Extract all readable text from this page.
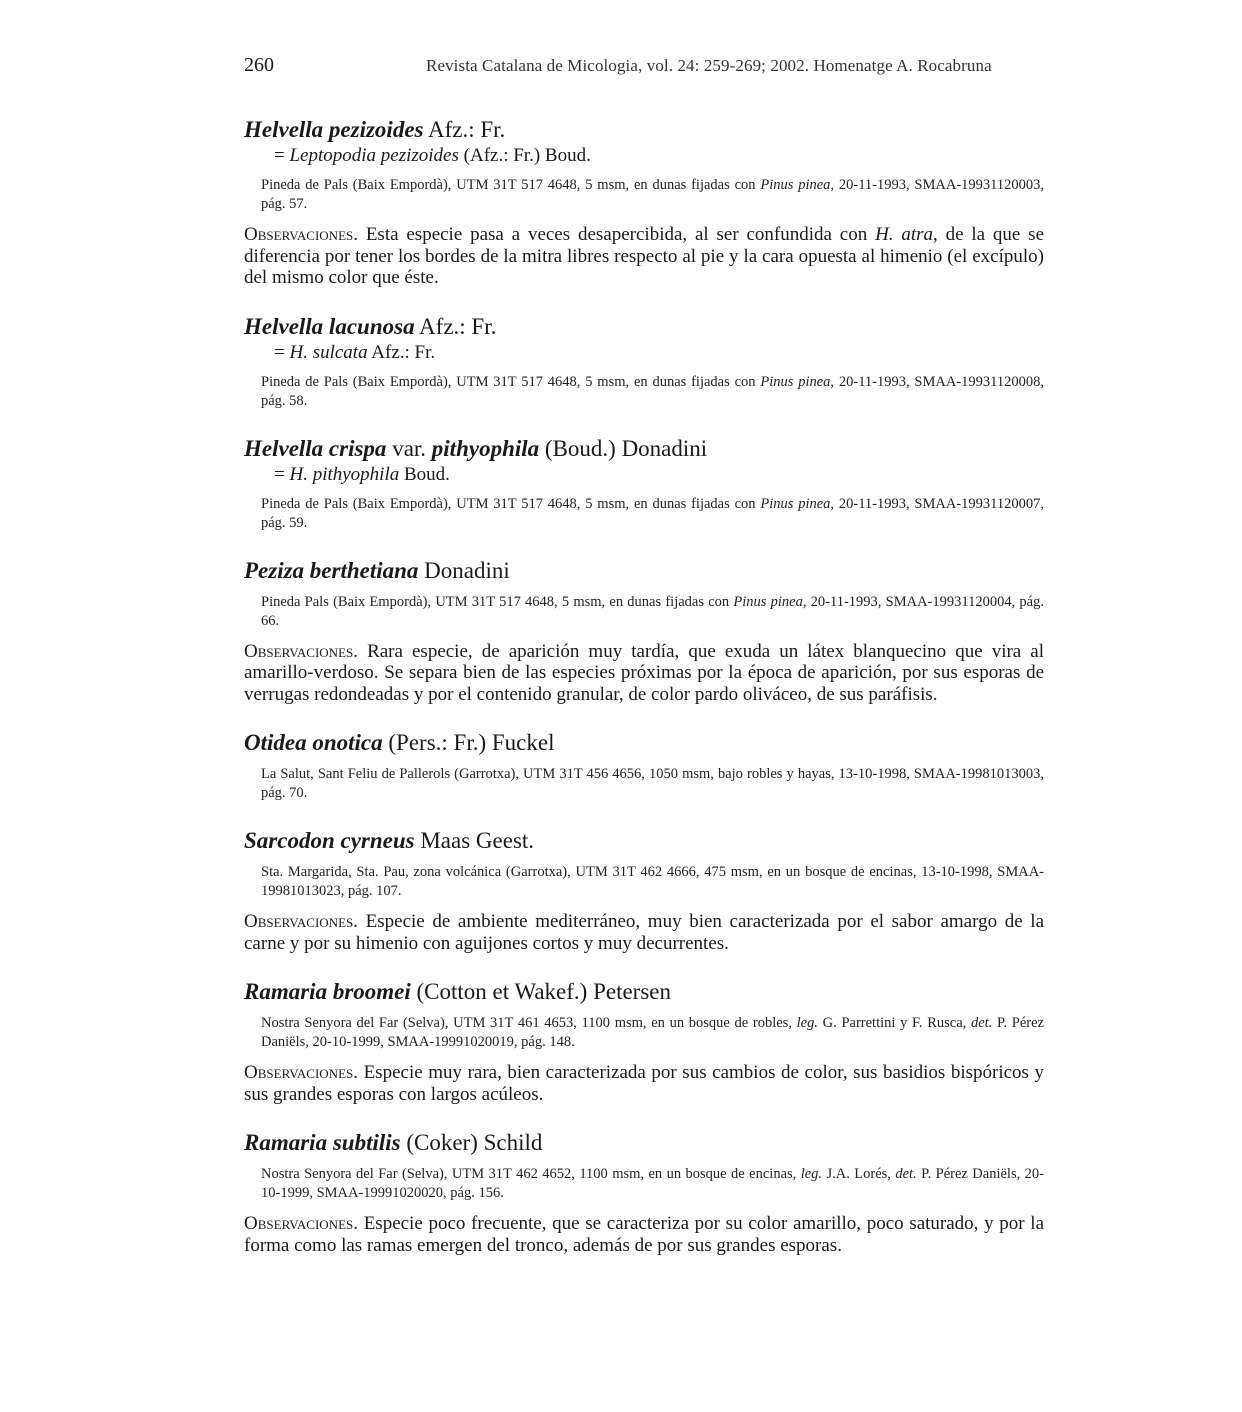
260	Revista Catalana de Micologia, vol. 24: 259-269; 2002. Homenatge A. Rocabruna

Helvella pezizoides Afz.: Fr.

= Leptopodia pezizoides (Afz.: Fr.) Boud.

Pineda de Pals (Baix Empordà), UTM 31T 517 4648, 5 msm, en dunas fijadas con Pinus pinea, 20-11-1993, SMAA-19931120003, pág. 57.

Observaciones. Esta especie pasa a veces desapercibida, al ser confundida con H. atra, de la que se diferencia por tener los bordes de la mitra libres respecto al pie y la cara opuesta al himenio (el excípulo) del mismo color que éste.

Helvella lacunosa Afz.: Fr.

= H. sulcata Afz.: Fr.

Pineda de Pals (Baix Empordà), UTM 31T 517 4648, 5 msm, en dunas fijadas con Pinus pinea, 20-11-1993, SMAA-19931120008, pág. 58.

Helvella crispa var. pithyophila (Boud.) Donadini

= H. pithyophila Boud.

Pineda de Pals (Baix Empordà), UTM 31T 517 4648, 5 msm, en dunas fijadas con Pinus pinea, 20-11-1993, SMAA-19931120007, pág. 59.

Peziza berthetiana Donadini

Pineda Pals (Baix Empordà), UTM 31T 517 4648, 5 msm, en dunas fijadas con Pinus pinea, 20-11-1993, SMAA-19931120004, pág. 66.

Observaciones. Rara especie, de aparición muy tardía, que exuda un látex blanquecino que vira al amarillo-verdoso. Se separa bien de las especies próximas por la época de aparición, por sus esporas de verrugas redondeadas y por el contenido granular, de color pardo oliváceo, de sus paráfisis.

Otidea onotica (Pers.: Fr.) Fuckel

La Salut, Sant Feliu de Pallerols (Garrotxa), UTM 31T 456 4656, 1050 msm, bajo robles y hayas, 13-10-1998, SMAA-19981013003, pág. 70.

Sarcodon cyrneus Maas Geest.

Sta. Margarida, Sta. Pau, zona volcánica (Garrotxa), UTM 31T 462 4666, 475 msm, en un bosque de encinas, 13-10-1998, SMAA-19981013023, pág. 107.

Observaciones. Especie de ambiente mediterráneo, muy bien caracterizada por el sabor amargo de la carne y por su himenio con aguijones cortos y muy decurrentes.

Ramaria broomei (Cotton et Wakef.) Petersen

Nostra Senyora del Far (Selva), UTM 31T 461 4653, 1100 msm, en un bosque de robles, leg. G. Parrettini y F. Rusca, det. P. Pérez Daniëls, 20-10-1999, SMAA-19991020019, pág. 148.

Observaciones. Especie muy rara, bien caracterizada por sus cambios de color, sus basidios bispóricos y sus grandes esporas con largos acúleos.

Ramaria subtilis (Coker) Schild

Nostra Senyora del Far (Selva), UTM 31T 462 4652, 1100 msm, en un bosque de encinas, leg. J.A. Lorés, det. P. Pérez Daniëls, 20-10-1999, SMAA-19991020020, pág. 156.

Observaciones. Especie poco frecuente, que se caracteriza por su color amarillo, poco saturado, y por la forma como las ramas emergen del tronco, además de por sus grandes esporas.
